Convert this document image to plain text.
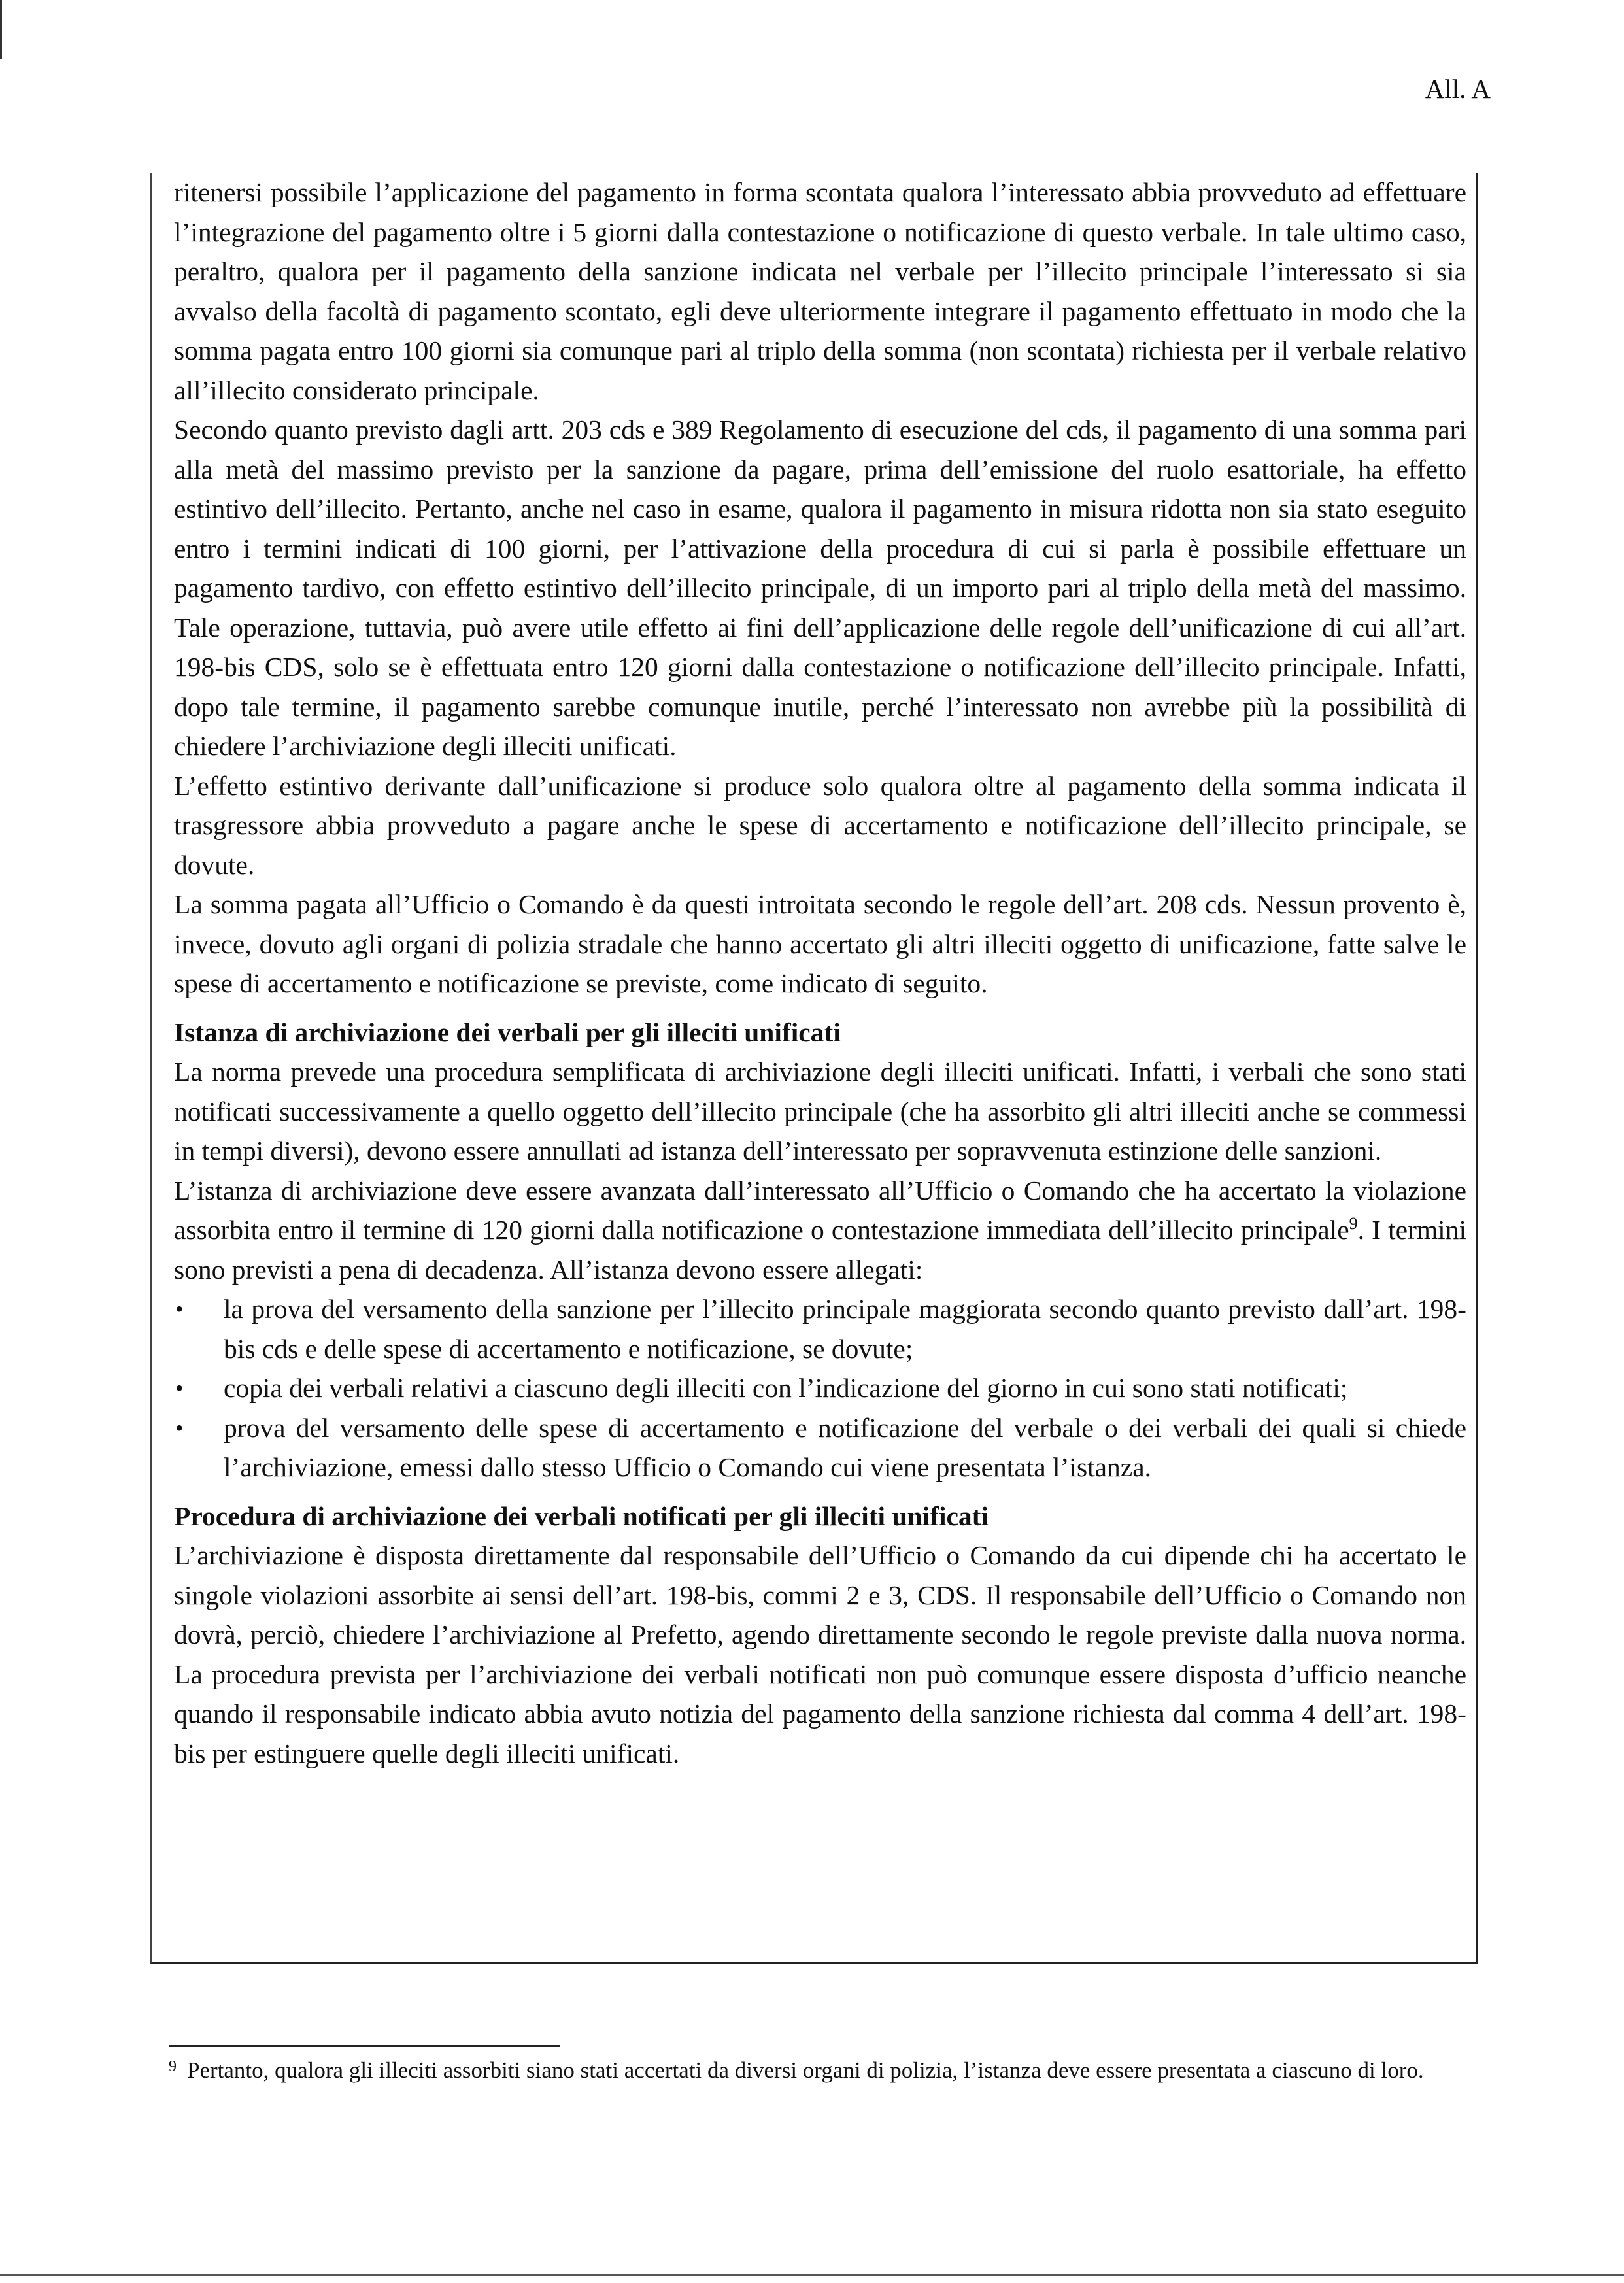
All. A

ritenersi possibile l’applicazione del pagamento in forma scontata qualora l’interessato abbia provveduto ad effettuare l’integrazione del pagamento oltre i 5 giorni dalla contestazione o notificazione di questo verbale. In tale ultimo caso, peraltro, qualora per il pagamento della sanzione indicata nel verbale per l’illecito principale l’interessato si sia avvalso della facoltà di pagamento scontato, egli deve ulteriormente integrare il pagamento effettuato in modo che la somma pagata entro 100 giorni sia comunque pari al triplo della somma (non scontata) richiesta per il verbale relativo all’illecito considerato principale.

Secondo quanto previsto dagli artt. 203 cds e 389 Regolamento di esecuzione del cds, il pagamento di una somma pari alla metà del massimo previsto per la sanzione da pagare, prima dell’emissione del ruolo esattoriale, ha effetto estintivo dell’illecito. Pertanto, anche nel caso in esame, qualora il pagamento in misura ridotta non sia stato eseguito entro i termini indicati di 100 giorni, per l’attivazione della procedura di cui si parla è possibile effettuare un pagamento tardivo, con effetto estintivo dell’illecito principale, di un importo pari al triplo della metà del massimo. Tale operazione, tuttavia, può avere utile effetto ai fini dell’applicazione delle regole dell’unificazione di cui all’art. 198-bis CDS, solo se è effettuata entro 120 giorni dalla contestazione o notificazione dell’illecito principale. Infatti, dopo tale termine, il pagamento sarebbe comunque inutile, perché l’interessato non avrebbe più la possibilità di chiedere l’archiviazione degli illeciti unificati.

L’effetto estintivo derivante dall’unificazione si produce solo qualora oltre al pagamento della somma indicata il trasgressore abbia provveduto a pagare anche le spese di accertamento e notificazione dell’illecito principale, se dovute.

La somma pagata all’Ufficio o Comando è da questi introitata secondo le regole dell’art. 208 cds. Nessun provento è, invece, dovuto agli organi di polizia stradale che hanno accertato gli altri illeciti oggetto di unificazione, fatte salve le spese di accertamento e notificazione se previste, come indicato di seguito.

Istanza di archiviazione dei verbali per gli illeciti unificati

La norma prevede una procedura semplificata di archiviazione degli illeciti unificati. Infatti, i verbali che sono stati notificati successivamente a quello oggetto dell’illecito principale (che ha assorbito gli altri illeciti anche se commessi in tempi diversi), devono essere annullati ad istanza dell’interessato per sopravvenuta estinzione delle sanzioni.

L’istanza di archiviazione deve essere avanzata dall’interessato all’Ufficio o Comando che ha accertato la violazione assorbita entro il termine di 120 giorni dalla notificazione o contestazione immediata dell’illecito principale$^9$. I termini sono previsti a pena di decadenza. All’istanza devono essere allegati:

• la prova del versamento della sanzione per l’illecito principale maggiorata secondo quanto previsto dall’art. 198-bis cds e delle spese di accertamento e notificazione, se dovute;
• copia dei verbali relativi a ciascuno degli illeciti con l’indicazione del giorno in cui sono stati notificati;
• prova del versamento delle spese di accertamento e notificazione del verbale o dei verbali dei quali si chiede l’archiviazione, emessi dallo stesso Ufficio o Comando cui viene presentata l’istanza.
Procedura di archiviazione dei verbali notificati per gli illeciti unificati

L’archiviazione è disposta direttamente dal responsabile dell’Ufficio o Comando da cui dipende chi ha accertato le singole violazioni assorbite ai sensi dell’art. 198-bis, commi 2 e 3, CDS. Il responsabile dell’Ufficio o Comando non dovrà, perciò, chiedere l’archiviazione al Prefetto, agendo direttamente secondo le regole previste dalla nuova norma. La procedura prevista per l’archiviazione dei verbali notificati non può comunque essere disposta d’ufficio neanche quando il responsabile indicato abbia avuto notizia del pagamento della sanzione richiesta dal comma 4 dell’art. 198-bis per estinguere quelle degli illeciti unificati.

9 Pertanto, qualora gli illeciti assorbiti siano stati accertati da diversi organi di polizia, l’istanza deve essere presentata a ciascuno di loro.
